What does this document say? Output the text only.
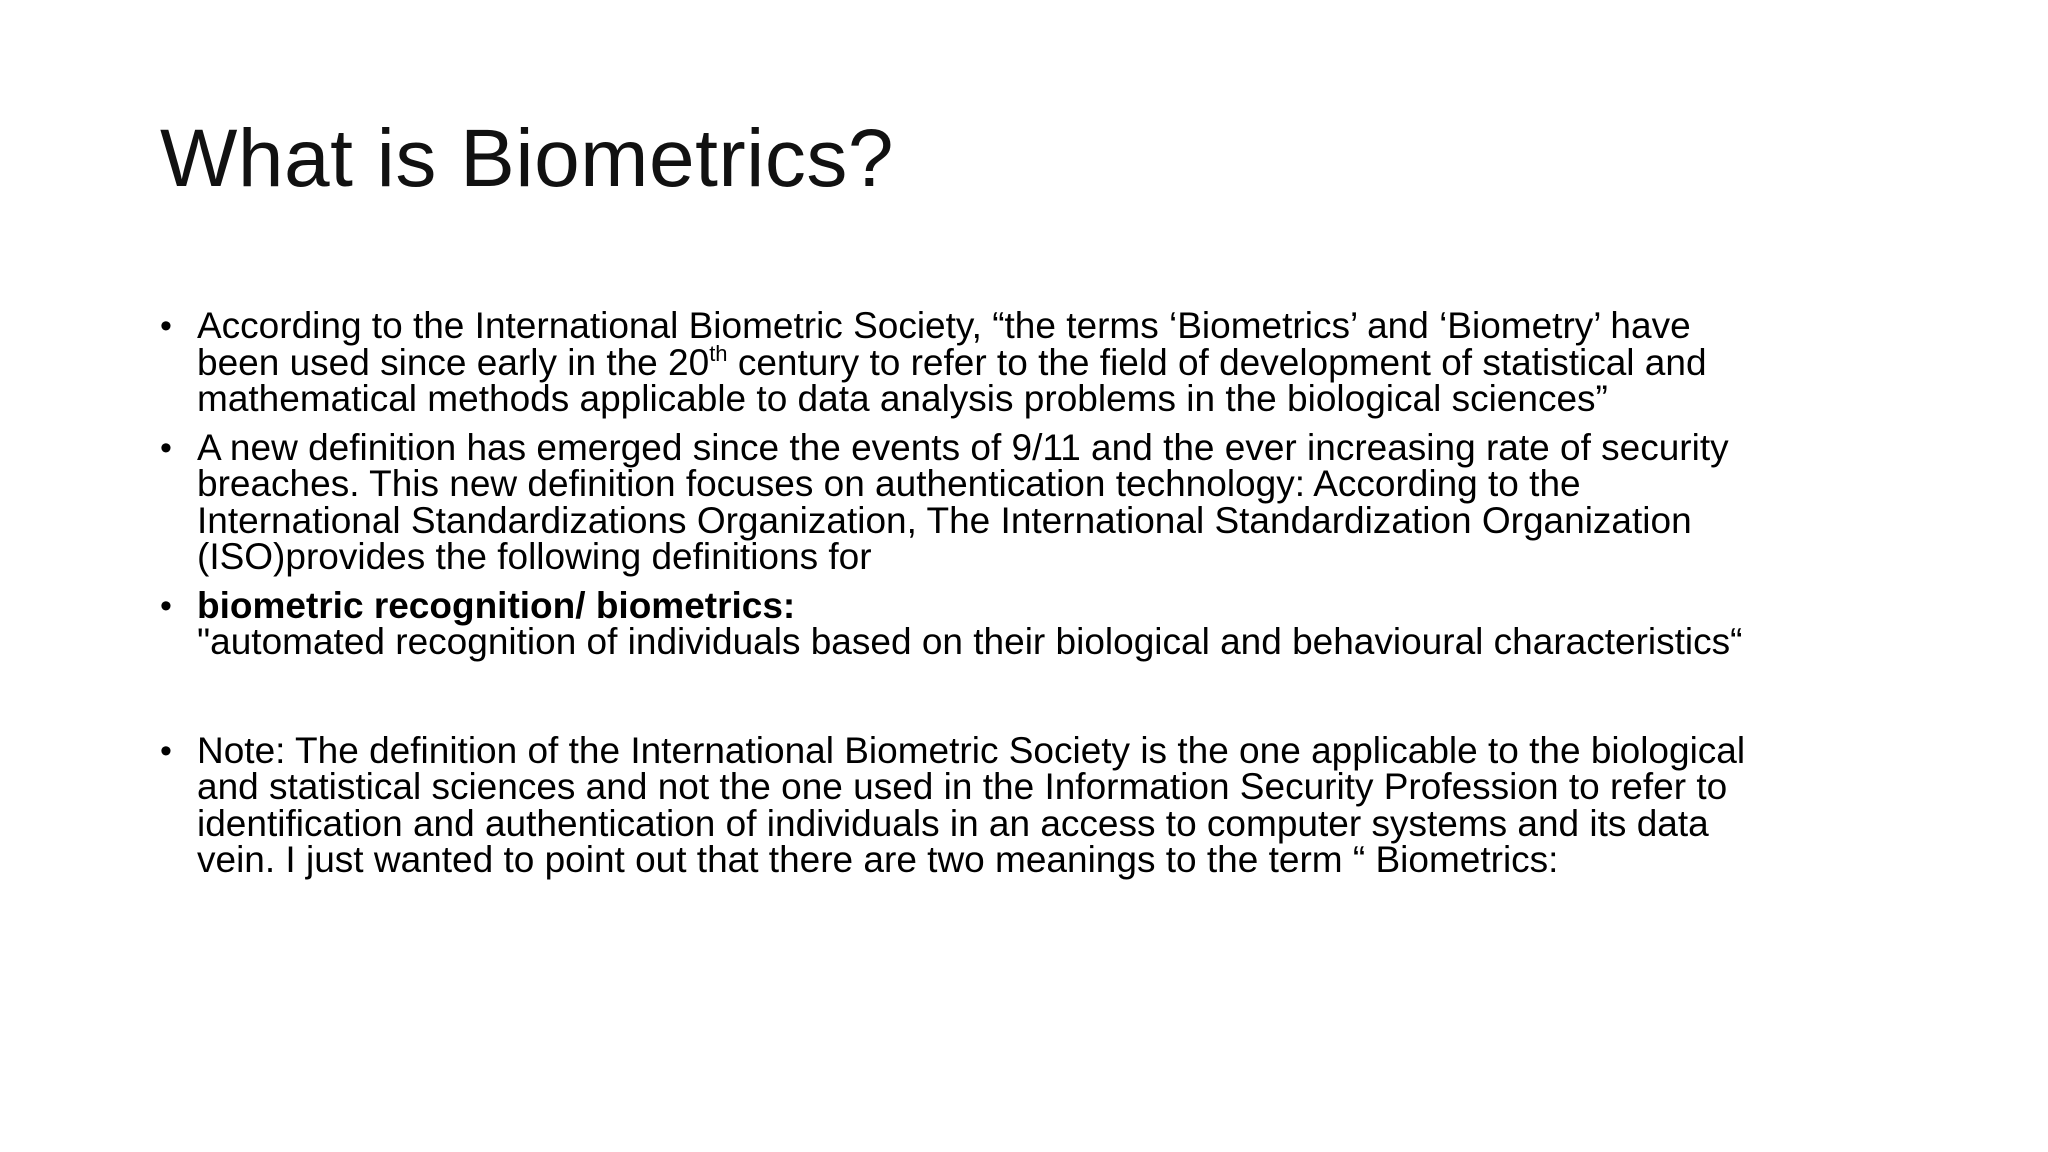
What is Biometrics?
• According to the International Biometric Society, “the terms ‘Biometrics’ and ‘Biometry’ have
been used since early in the 20th century to refer to the field of development of statistical and
mathematical methods applicable to data analysis problems in the biological sciences”
• A new definition has emerged since the events of 9/11 and the ever increasing rate of security
breaches. This new definition focuses on authentication technology: According to the
International Standardizations Organization, The International Standardization Organization
(ISO)provides the following definitions for
• biometric recognition/ biometrics:
"automated recognition of individuals based on their biological and behavioural characteristics“
• Note: The definition of the International Biometric Society is the one applicable to the biological
and statistical sciences and not the one used in the Information Security Profession to refer to
identification and authentication of individuals in an access to computer systems and its data
vein. I just wanted to point out that there are two meanings to the term “ Biometrics:
